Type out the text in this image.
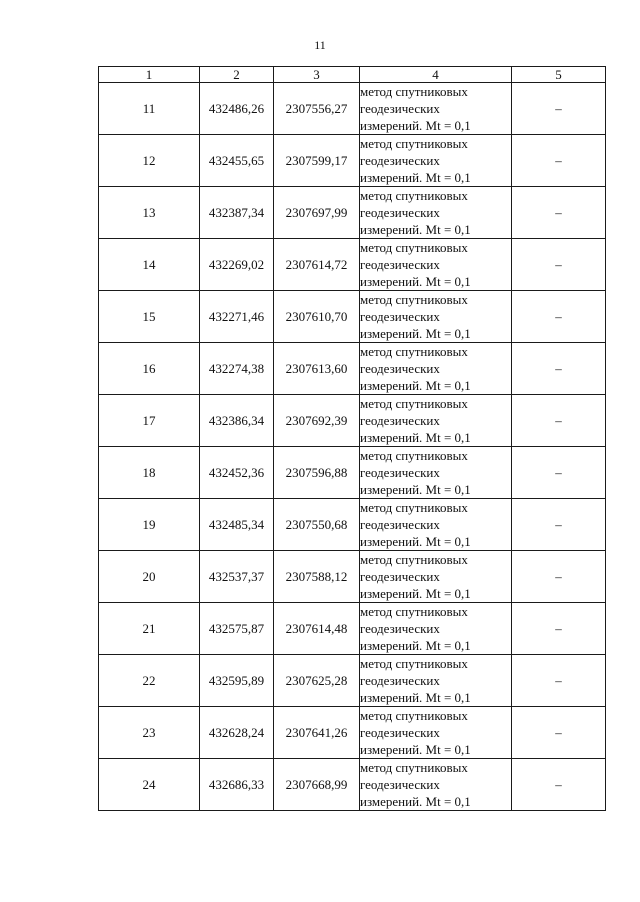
11
1	2	3	4	5
11	432486,26	2307556,27	метод спутниковых
геодезических
измерений. Mt = 0,1	–
12	432455,65	2307599,17	метод спутниковых
геодезических
измерений. Mt = 0,1	–
13	432387,34	2307697,99	метод спутниковых
геодезических
измерений. Mt = 0,1	–
14	432269,02	2307614,72	метод спутниковых
геодезических
измерений. Mt = 0,1	–
15	432271,46	2307610,70	метод спутниковых
геодезических
измерений. Mt = 0,1	–
16	432274,38	2307613,60	метод спутниковых
геодезических
измерений. Mt = 0,1	–
17	432386,34	2307692,39	метод спутниковых
геодезических
измерений. Mt = 0,1	–
18	432452,36	2307596,88	метод спутниковых
геодезических
измерений. Mt = 0,1	–
19	432485,34	2307550,68	метод спутниковых
геодезических
измерений. Mt = 0,1	–
20	432537,37	2307588,12	метод спутниковых
геодезических
измерений. Mt = 0,1	–
21	432575,87	2307614,48	метод спутниковых
геодезических
измерений. Mt = 0,1	–
22	432595,89	2307625,28	метод спутниковых
геодезических
измерений. Mt = 0,1	–
23	432628,24	2307641,26	метод спутниковых
геодезических
измерений. Mt = 0,1	–
24	432686,33	2307668,99	метод спутниковых
геодезических
измерений. Mt = 0,1	–
